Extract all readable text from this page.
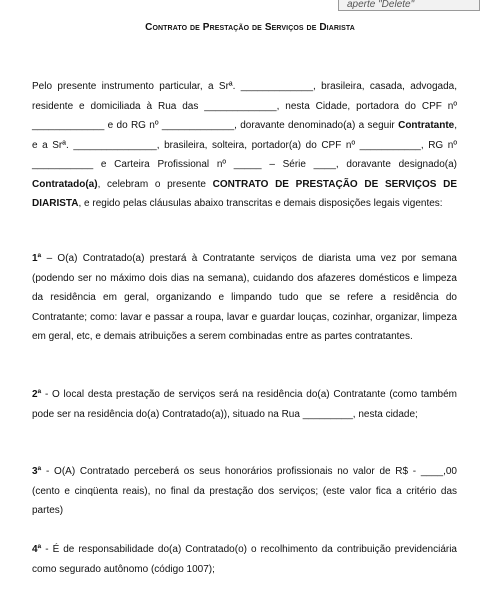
aperte "Delete"
Contrato de Prestação de Serviços de Diarista

Pelo presente instrumento particular, a Srª. _____________, brasileira, casada, advogada, residente e domiciliada à Rua das _____________, nesta Cidade, portadora do CPF nº _____________ e do RG nº _____________, doravante denominado(a) a seguir Contratante, e a Srª. _______________, brasileira, solteira, portador(a) do CPF nº ___________, RG nº ___________ e Carteira Profissional nº _____ – Série ____, doravante designado(a) Contratado(a), celebram o presente CONTRATO DE PRESTAÇÃO DE SERVIÇOS DE DIARISTA, e regido pelas cláusulas abaixo transcritas e demais disposições legais vigentes:

1ª – O(a) Contratado(a) prestará à Contratante serviços de diarista uma vez por semana (podendo ser no máximo dois dias na semana), cuidando dos afazeres domésticos e limpeza da residência em geral, organizando e limpando tudo que se refere a residência do Contratante; como: lavar e passar a roupa, lavar e guardar louças, cozinhar, organizar, limpeza em geral, etc, e demais atribuições a serem combinadas entre as partes contratantes.

2ª - O local desta prestação de serviços será na residência do(a) Contratante (como também pode ser na residência do(a) Contratado(a)), situado na Rua _________, nesta cidade;

3ª - O(A) Contratado perceberá os seus honorários profissionais no valor de R$ - ____,00 (cento e cinqüenta reais), no final da prestação dos serviços; (este valor fica a critério das partes)

4ª - É de responsabilidade do(a) Contratado(o) o recolhimento da contribuição previdenciária como segurado autônomo (código 1007);
